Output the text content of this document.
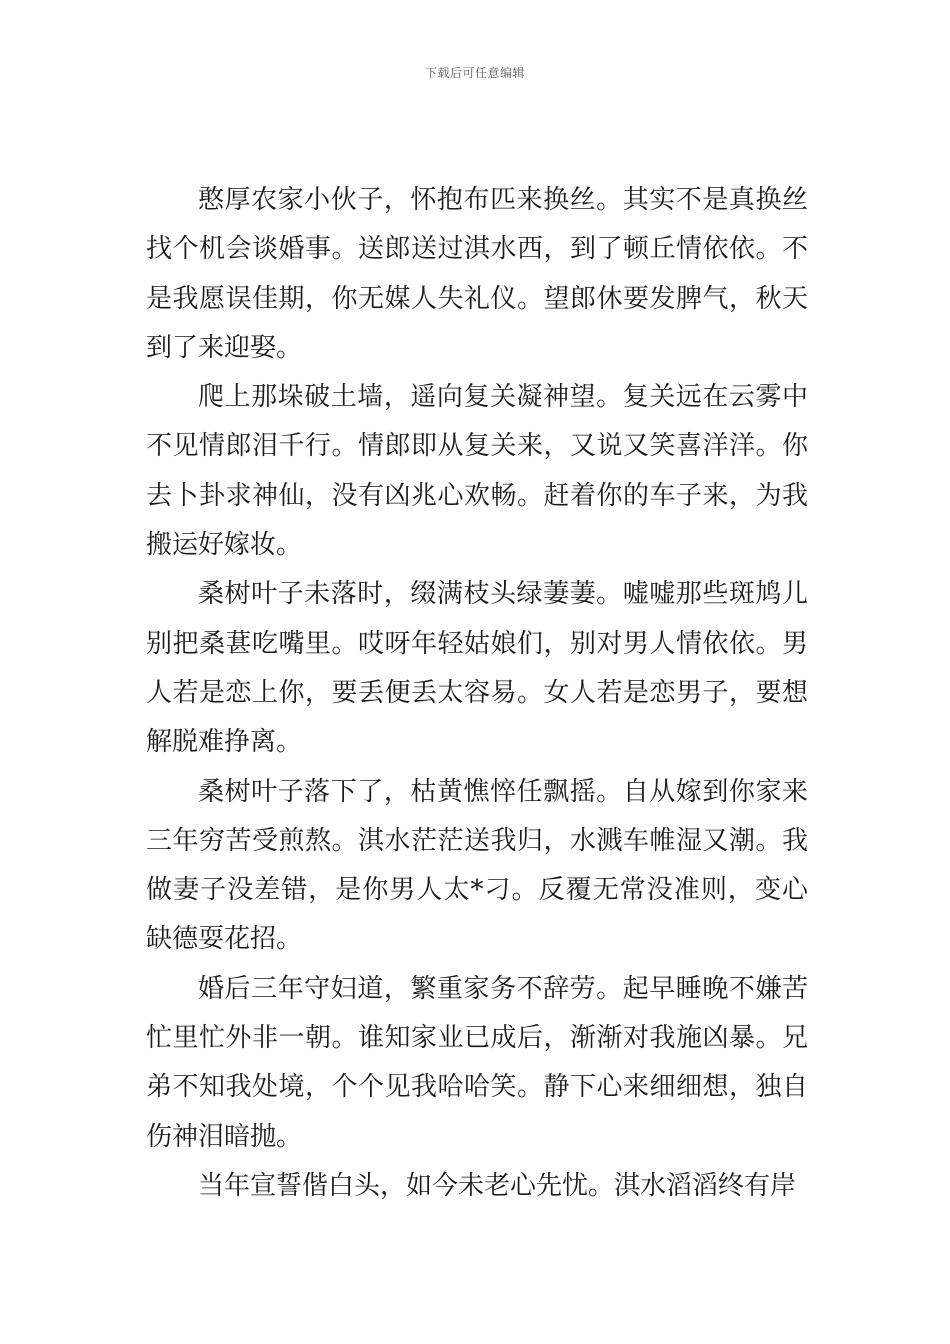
下载后可任意编辑

憨厚农家小伙子，怀抱布匹来换丝。其实不是真换丝找个机会谈婚事。送郎送过淇水西，到了顿丘情依依。不是我愿误佳期，你无媒人失礼仪。望郎休要发脾气，秋天到了来迎娶。

爬上那垛破土墙，遥向复关凝神望。复关远在云雾中不见情郎泪千行。情郎即从复关来，又说又笑喜洋洋。你去卜卦求神仙，没有凶兆心欢畅。赶着你的车子来，为我搬运好嫁妆。

桑树叶子未落时，缀满枝头绿萋萋。嘘嘘那些斑鸠儿别把桑葚吃嘴里。哎呀年轻姑娘们，别对男人情依依。男人若是恋上你，要丢便丢太容易。女人若是恋男子，要想解脱难挣离。

桑树叶子落下了，枯黄憔悴任飘摇。自从嫁到你家来三年穷苦受煎熬。淇水茫茫送我归，水溅车帷湿又潮。我做妻子没差错，是你男人太*刁。反覆无常没准则，变心缺德耍花招。

婚后三年守妇道，繁重家务不辞劳。起早睡晚不嫌苦忙里忙外非一朝。谁知家业已成后，渐渐对我施凶暴。兄弟不知我处境，个个见我哈哈笑。静下心来细细想，独自伤神泪暗抛。

当年宣誓偕白头，如今未老心先忧。淇水滔滔终有岸
